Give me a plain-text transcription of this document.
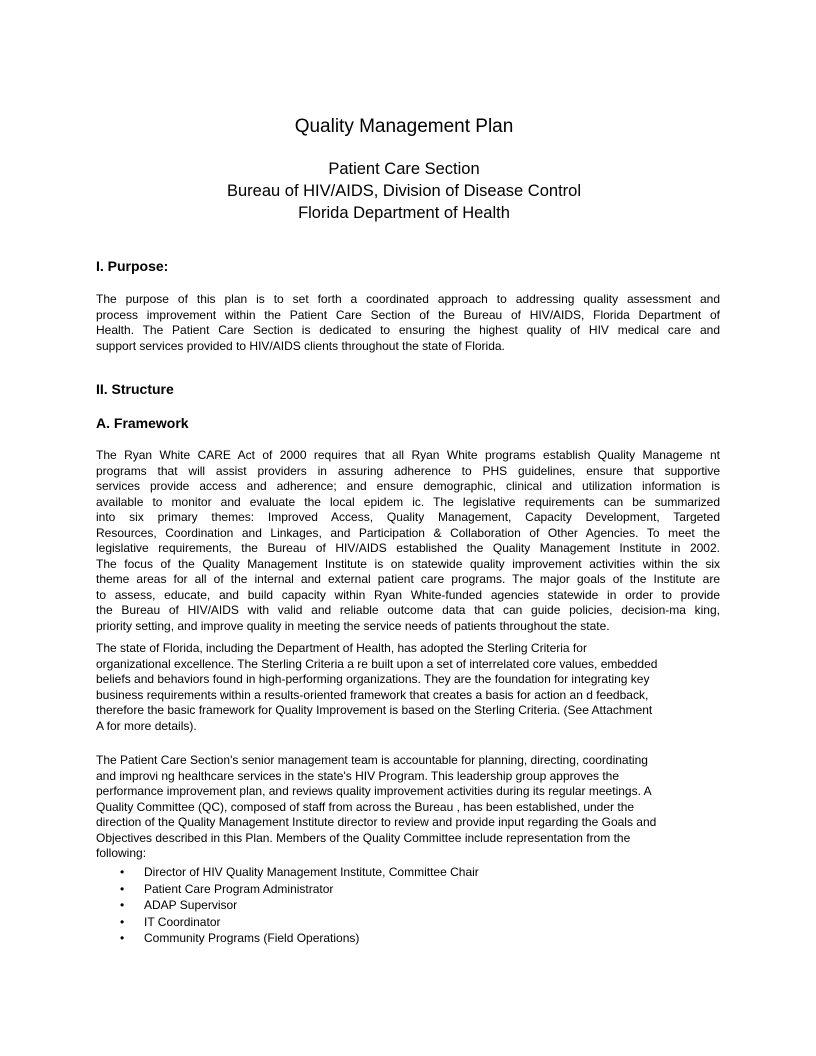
Quality Management Plan
Patient Care Section
Bureau of HIV/AIDS, Division of Disease Control
Florida Department of Health
I. Purpose:
The purpose of this plan is to set forth a coordinated approach to addressing quality assessment and
process improvement within the Patient Care Section of the Bureau of HIV/AIDS, Florida Department of
Health. The Patient Care Section is dedicated to ensuring the highest quality of HIV medical care and
support services provided to HIV/AIDS clients throughout the state of Florida.
II. Structure
A. Framework
The Ryan White CARE Act of 2000 requires that all Ryan White programs establish Quality Manageme nt
programs that will assist providers in assuring adherence to PHS guidelines, ensure that supportive
services provide access and adherence; and ensure demographic, clinical and utilization information is
available to monitor and evaluate the local epidem ic. The legislative requirements can be summarized
into six primary themes: Improved Access, Quality Management, Capacity Development, Targeted
Resources, Coordination and Linkages, and Participation & Collaboration of Other Agencies. To meet the
legislative requirements, the Bureau of HIV/AIDS established the Quality Management Institute in 2002.
The focus of the Quality Management Institute is on statewide quality improvement activities within the six
theme areas for all of the internal and external patient care programs. The major goals of the Institute are
to assess, educate, and build capacity within Ryan White-funded agencies statewide in order to provide
the Bureau of HIV/AIDS with valid and reliable outcome data that can guide policies, decision-ma king,
priority setting, and improve quality in meeting the service needs of patients throughout the state.
The state of Florida, including the Department of Health, has adopted the Sterling Criteria for
organizational excellence. The Sterling Criteria a re built upon a set of interrelated core values, embedded
beliefs and behaviors found in high-performing organizations. They are the foundation for integrating key
business requirements within a results-oriented framework that creates a basis for action an d feedback,
therefore the basic framework for Quality Improvement is based on the Sterling Criteria. (See Attachment
A for more details).
The Patient Care Section's senior management team is accountable for planning, directing, coordinating
and improvi ng healthcare services in the state's HIV Program. This leadership group approves the
performance improvement plan, and reviews quality improvement activities during its regular meetings. A
Quality Committee (QC), composed of staff from across the Bureau , has been established, under the
direction of the Quality Management Institute director to review and provide input regarding the Goals and
Objectives described in this Plan. Members of the Quality Committee include representation from the
following:
• Director of HIV Quality Management Institute, Committee Chair
• Patient Care Program Administrator
• ADAP Supervisor
• IT Coordinator
• Community Programs (Field Operations)
